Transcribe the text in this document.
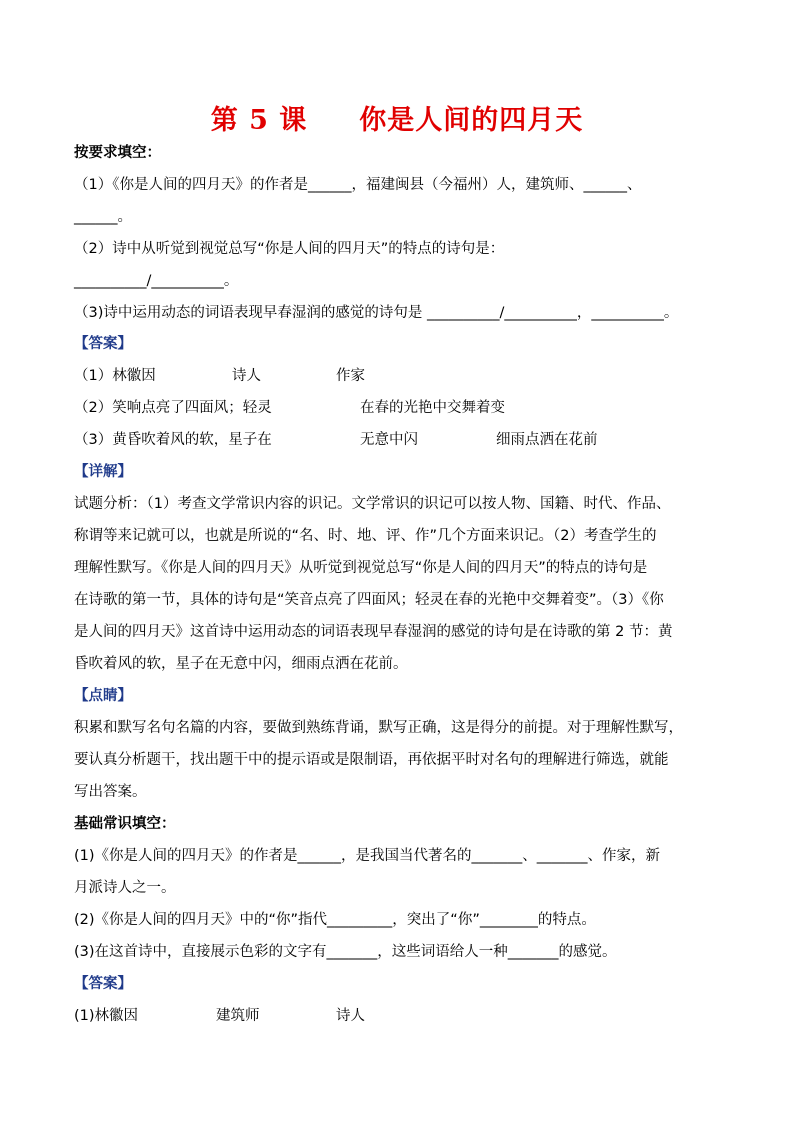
第 5 课     你是人间的四月天
按要求填空：
（1）《你是人间的四月天》的作者是______，福建闽县（今福州）人，建筑师、______、
______。
（2）诗中从听觉到视觉总写“你是人间的四月天”的特点的诗句是：
__________/__________。
（3)诗中运用动态的词语表现早春湿润的感觉的诗句是 __________/__________，__________。
【答案】
（1）林徽因	诗人	作家
（2）笑响点亮了四面风；轻灵	在春的光艳中交舞着变
（3）黄昏吹着风的软，星子在	无意中闪	细雨点洒在花前
【详解】
试题分析：（1）考查文学常识内容的识记。文学常识的识记可以按人物、国籍、时代、作品、
称谓等来记就可以，也就是所说的“名、时、地、评、作”几个方面来识记。（2）考查学生的
理解性默写。《你是人间的四月天》从听觉到视觉总写“你是人间的四月天”的特点的诗句是
在诗歌的第一节，具体的诗句是“笑音点亮了四面风；轻灵在春的光艳中交舞着变”。（3）《你
是人间的四月天》这首诗中运用动态的词语表现早春湿润的感觉的诗句是在诗歌的第 2 节：黄
昏吹着风的软，星子在无意中闪，细雨点洒在花前。
【点睛】
积累和默写名句名篇的内容，要做到熟练背诵，默写正确，这是得分的前提。对于理解性默写，
要认真分析题干，找出题干中的提示语或是限制语，再依据平时对名句的理解进行筛选，就能
写出答案。
基础常识填空：
(1)《你是人间的四月天》的作者是______，是我国当代著名的_______、_______、作家，新
月派诗人之一。
(2)《你是人间的四月天》中的“你”指代_________，突出了“你”________的特点。
(3)在这首诗中，直接展示色彩的文字有_______，这些词语给人一种_______的感觉。
【答案】
(1)林徽因	建筑师	诗人
